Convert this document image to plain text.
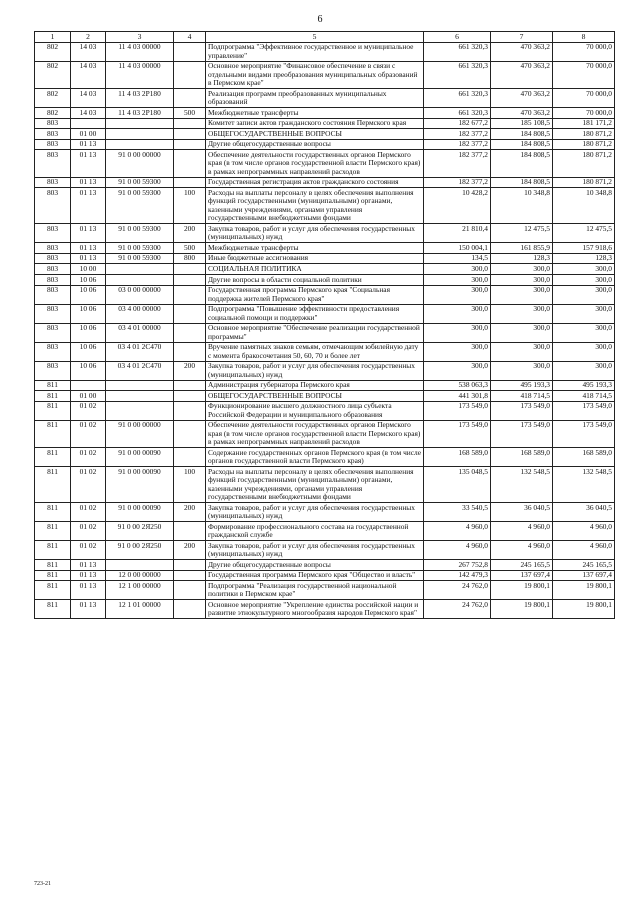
6
1	2	3	4	5	6	7	8
802	14 03	11 4 03 00000		Подпрограмма "Эффективное государственное и муниципальное управление"	661 320,3	470 363,2	70 000,0
802	14 03	11 4 03 00000		Основное мероприятие "Финансовое обеспечение в связи с отдельными видами преобразования муниципальных образований в Пермском крае"	661 320,3	470 363,2	70 000,0
802	14 03	11 4 03 2P180		Реализация программ преобразованных муниципальных образований	661 320,3	470 363,2	70 000,0
802	14 03	11 4 03 2P180	500	Межбюджетные трансферты	661 320,3	470 363,2	70 000,0
803				Комитет записи актов гражданского состояния Пермского края	182 677,2	185 108,5	181 171,2
803	01 00			ОБЩЕГОСУДАРСТВЕННЫЕ ВОПРОСЫ	182 377,2	184 808,5	180 871,2
803	01 13			Другие общегосударственные вопросы	182 377,2	184 808,5	180 871,2
803	01 13	91 0 00 00000		Обеспечение деятельности государственных органов Пермского края (в том числе органов государственной власти Пермского края) в рамках непрограммных направлений расходов	182 377,2	184 808,5	180 871,2
803	01 13	91 0 00 59300		Государственная регистрация актов гражданского состояния	182 377,2	184 808,5	180 871,2
803	01 13	91 0 00 59300	100	Расходы на выплаты персоналу в целях обеспечения выполнения функций государственными (муниципальными) органами, казенными учреждениями, органами управления государственными внебюджетными фондами	10 428,2	10 348,8	10 348,8
803	01 13	91 0 00 59300	200	Закупка товаров, работ и услуг для обеспечения государственных (муниципальных) нужд	21 810,4	12 475,5	12 475,5
803	01 13	91 0 00 59300	500	Межбюджетные трансферты	150 004,1	161 855,9	157 918,6
803	01 13	91 0 00 59300	800	Иные бюджетные ассигнования	134,5	128,3	128,3
803	10 00			СОЦИАЛЬНАЯ ПОЛИТИКА	300,0	300,0	300,0
803	10 06			Другие вопросы в области социальной политики	300,0	300,0	300,0
803	10 06	03 0 00 00000		Государственная программа Пермского края "Социальная поддержка жителей Пермского края"	300,0	300,0	300,0
803	10 06	03 4 00 00000		Подпрограмма "Повышение эффективности предоставления социальной помощи и поддержки"	300,0	300,0	300,0
803	10 06	03 4 01 00000		Основное мероприятие "Обеспечение реализации государственной программы"	300,0	300,0	300,0
803	10 06	03 4 01 2C470		Вручение памятных знаков семьям, отмечающим юбилейную дату с момента бракосочетания 50, 60, 70 и более лет	300,0	300,0	300,0
803	10 06	03 4 01 2C470	200	Закупка товаров, работ и услуг для обеспечения государственных (муниципальных) нужд	300,0	300,0	300,0
811				Администрация губернатора Пермского края	538 063,3	495 193,3	495 193,3
811	01 00			ОБЩЕГОСУДАРСТВЕННЫЕ ВОПРОСЫ	441 301,8	418 714,5	418 714,5
811	01 02			Функционирование высшего должностного лица субъекта Российской Федерации и муниципального образования	173 549,0	173 549,0	173 549,0
811	01 02	91 0 00 00000		Обеспечение деятельности государственных органов Пермского края (в том числе органов государственной власти Пермского края) в рамках непрограммных направлений расходов	173 549,0	173 549,0	173 549,0
811	01 02	91 0 00 00090		Содержание государственных органов Пермского края (в том числе органов государственной власти Пермского края)	168 589,0	168 589,0	168 589,0
811	01 02	91 0 00 00090	100	Расходы на выплаты персоналу в целях обеспечения выполнения функций государственными (муниципальными) органами, казенными учреждениями, органами управления государственными внебюджетными фондами	135 048,5	132 548,5	132 548,5
811	01 02	91 0 00 00090	200	Закупка товаров, работ и услуг для обеспечения государственных (муниципальных) нужд	33 540,5	36 040,5	36 040,5
811	01 02	91 0 00 2Я250		Формирование профессионального состава на государственной гражданской службе	4 960,0	4 960,0	4 960,0
811	01 02	91 0 00 2Я250	200	Закупка товаров, работ и услуг для обеспечения государственных (муниципальных) нужд	4 960,0	4 960,0	4 960,0
811	01 13			Другие общегосударственные вопросы	267 752,8	245 165,5	245 165,5
811	01 13	12 0 00 00000		Государственная программа Пермского края "Общество и власть"	142 479,3	137 697,4	137 697,4
811	01 13	12 1 00 00000		Подпрограмма "Реализация государственной национальной политики в Пермском крае"	24 762,0	19 800,1	19 800,1
811	01 13	12 1 01 00000		Основное мероприятие "Укрепление единства российской нации и развитие этнокультурного многообразия народов Пермского края"	24 762,0	19 800,1	19 800,1
723-21
